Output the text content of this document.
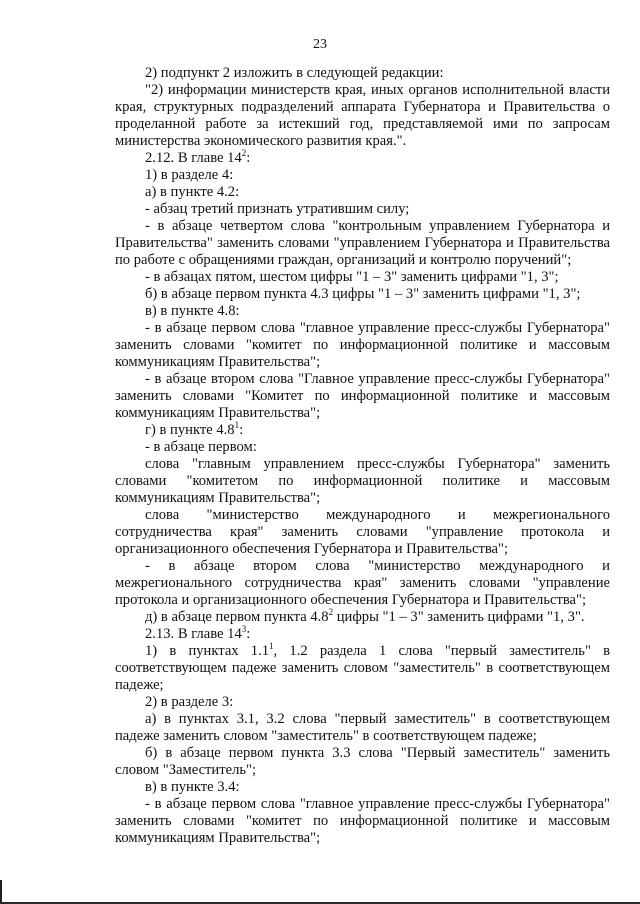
23

2) подпункт 2 изложить в следующей редакции:

"2) информации министерств края, иных органов исполнительной власти края, структурных подразделений аппарата Губернатора и Правительства о проделанной работе за истекший год, представляемой ими по запросам министерства экономического развития края.".

2.12. В главе $14^2$:

1) в разделе 4:

а) в пункте 4.2:

- абзац третий признать утратившим силу;

- в абзаце четвертом слова "контрольным управлением Губернатора и Правительства" заменить словами "управлением Губернатора и Правительства по работе с обращениями граждан, организаций и контролю поручений";

- в абзацах пятом, шестом цифры "1 – 3" заменить цифрами "1, 3";

б) в абзаце первом пункта 4.3 цифры "1 – 3" заменить цифрами "1, 3";

в) в пункте 4.8:

- в абзаце первом слова "главное управление пресс-службы Губернатора" заменить словами "комитет по информационной политике и массовым коммуникациям Правительства";

- в абзаце втором слова "Главное управление пресс-службы Губернатора" заменить словами "Комитет по информационной политике и массовым коммуникациям Правительства";

г) в пункте $4.8^1$:

- в абзаце первом:

слова "главным управлением пресс-службы Губернатора" заменить словами "комитетом по информационной политике и массовым коммуникациям Правительства";

слова "министерство международного и межрегионального сотрудничества края" заменить словами "управление протокола и организационного обеспечения Губернатора и Правительства";

- в абзаце втором слова "министерство международного и межрегионального сотрудничества края" заменить словами "управление протокола и организационного обеспечения Губернатора и Правительства";

д) в абзаце первом пункта $4.8^2$ цифры "1 – 3" заменить цифрами "1, 3".

2.13. В главе $14^3$:

1) в пунктах $1.1^1$, 1.2 раздела 1 слова "первый заместитель" в соответствующем падеже заменить словом "заместитель" в соответствующем падеже;

2) в разделе 3:

а) в пунктах 3.1, 3.2 слова "первый заместитель" в соответствующем падеже заменить словом "заместитель" в соответствующем падеже;

б) в абзаце первом пункта 3.3 слова "Первый заместитель" заменить словом "Заместитель";

в) в пункте 3.4:

- в абзаце первом слова "главное управление пресс-службы Губернатора" заменить словами "комитет по информационной политике и массовым коммуникациям Правительства";
